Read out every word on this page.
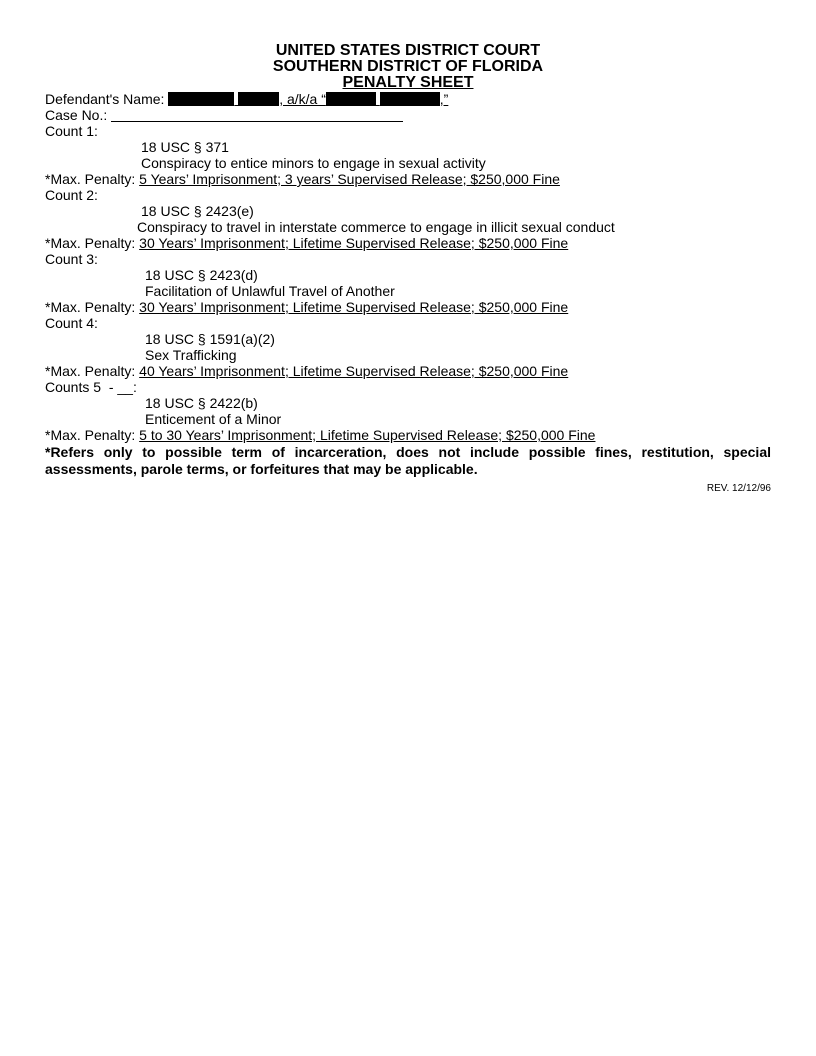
UNITED STATES DISTRICT COURT
SOUTHERN DISTRICT OF FLORIDA
PENALTY SHEET
Defendant's Name:	, a/k/a “	,”
Case No.:
Count 1:
18 USC § 371
Conspiracy to entice minors to engage in sexual activity
*Max. Penalty: 5 Years’ Imprisonment; 3 years’ Supervised Release; $250,000 Fine
Count 2:
18 USC § 2423(e)
Conspiracy to travel in interstate commerce to engage in illicit sexual conduct
*Max. Penalty: 30 Years’ Imprisonment; Lifetime Supervised Release; $250,000 Fine
Count 3:
18 USC § 2423(d)
Facilitation of Unlawful Travel of Another
*Max. Penalty: 30 Years’ Imprisonment; Lifetime Supervised Release; $250,000 Fine
Count 4:
18 USC § 1591(a)(2)
Sex Trafficking
*Max. Penalty: 40 Years’ Imprisonment; Lifetime Supervised Release; $250,000 Fine
Counts 5  - __:
18 USC § 2422(b)
Enticement of a Minor
*Max. Penalty: 5 to 30 Years’ Imprisonment; Lifetime Supervised Release; $250,000 Fine
*Refers only to possible term of incarceration, does not include possible fines, restitution, special assessments, parole terms, or forfeitures that may be applicable.
REV. 12/12/96
